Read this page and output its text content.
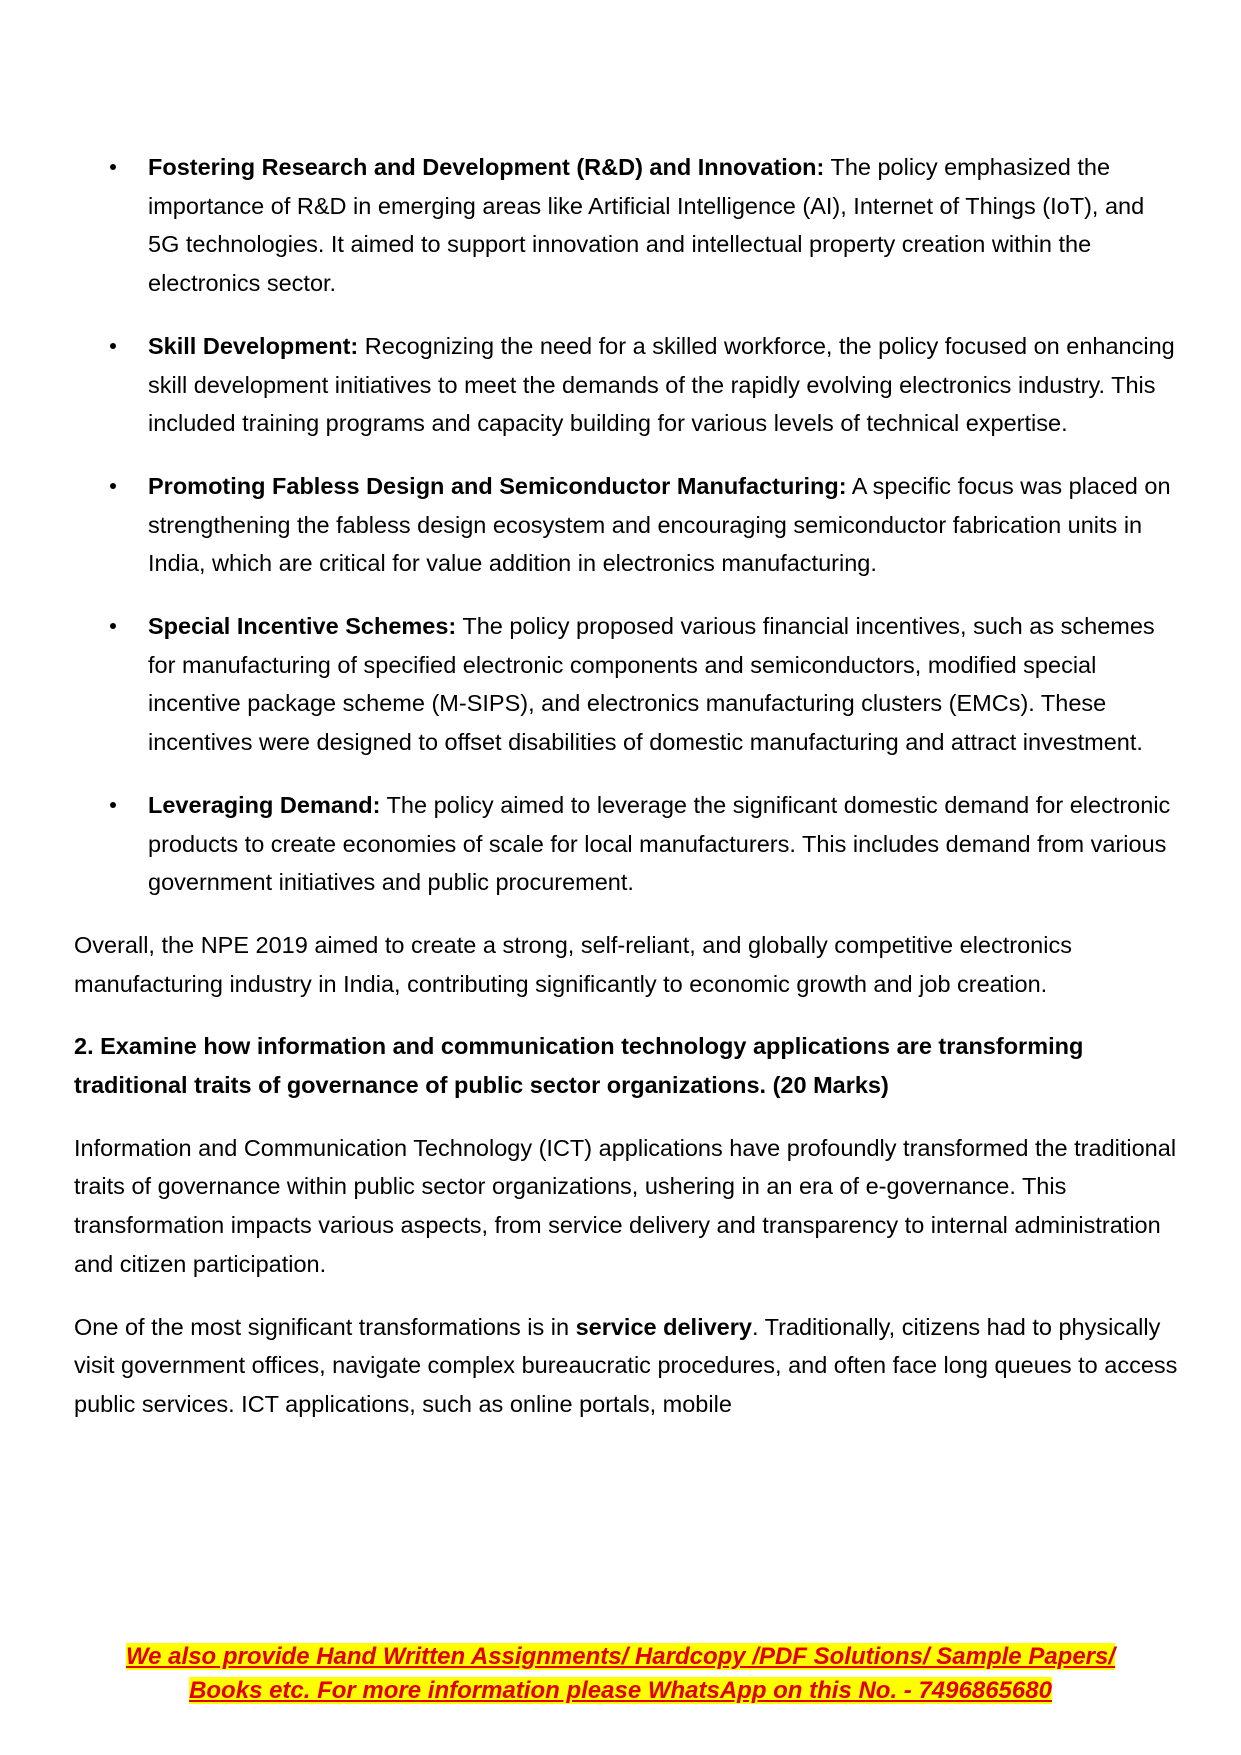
Fostering Research and Development (R&D) and Innovation: The policy emphasized the importance of R&D in emerging areas like Artificial Intelligence (AI), Internet of Things (IoT), and 5G technologies. It aimed to support innovation and intellectual property creation within the electronics sector.
Skill Development: Recognizing the need for a skilled workforce, the policy focused on enhancing skill development initiatives to meet the demands of the rapidly evolving electronics industry. This included training programs and capacity building for various levels of technical expertise.
Promoting Fabless Design and Semiconductor Manufacturing: A specific focus was placed on strengthening the fabless design ecosystem and encouraging semiconductor fabrication units in India, which are critical for value addition in electronics manufacturing.
Special Incentive Schemes: The policy proposed various financial incentives, such as schemes for manufacturing of specified electronic components and semiconductors, modified special incentive package scheme (M-SIPS), and electronics manufacturing clusters (EMCs). These incentives were designed to offset disabilities of domestic manufacturing and attract investment.
Leveraging Demand: The policy aimed to leverage the significant domestic demand for electronic products to create economies of scale for local manufacturers. This includes demand from various government initiatives and public procurement.

Overall, the NPE 2019 aimed to create a strong, self-reliant, and globally competitive electronics manufacturing industry in India, contributing significantly to economic growth and job creation.

2. Examine how information and communication technology applications are transforming traditional traits of governance of public sector organizations. (20 Marks)

Information and Communication Technology (ICT) applications have profoundly transformed the traditional traits of governance within public sector organizations, ushering in an era of e-governance. This transformation impacts various aspects, from service delivery and transparency to internal administration and citizen participation.

One of the most significant transformations is in service delivery. Traditionally, citizens had to physically visit government offices, navigate complex bureaucratic procedures, and often face long queues to access public services. ICT applications, such as online portals, mobile

We also provide Hand Written Assignments/ Hardcopy /PDF Solutions/ Sample Papers/
Books etc. For more information please WhatsApp on this No. - 7496865680
